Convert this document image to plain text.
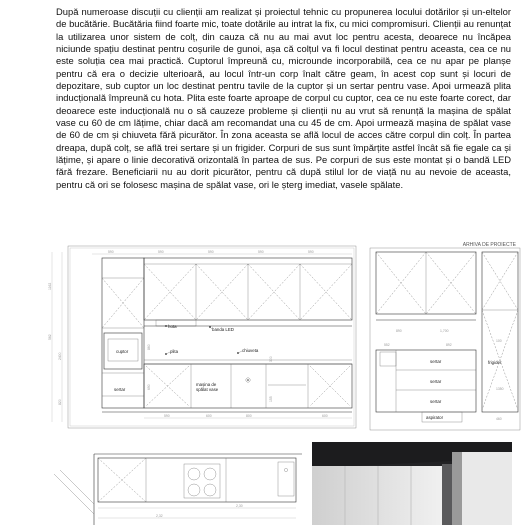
După numeroase discuții cu clienții am realizat și proiectul tehnic cu propunerea locului dotărilor și un-eltelor de bucătărie. Bucătăria fiind foarte mic, toate dotările au intrat la fix, cu mici compromisuri. Clienții au renunțat la utilizarea unor sistem de colț, din cauza că nu au mai avut loc pentru acesta, deoarece nu încăpea niciunde spațiu destinat pentru coșurile de gunoi, așa că colțul va fi locul destinat pentru aceasta, cea ce nu este soluția cea mai practică. Cuptorul împreună cu, microunde incorporabilă, cea ce nu apar pe planșe pentru că era o decizie ulterioară, au locul într-un corp înalt către geam, în acest cop sunt și locuri de depozitare, sub cuptor un loc destinat pentru tavile de la cuptor și un sertar pentru vase. Apoi urmează plita inducțională împreună cu hota. Plita este foarte aproape de corpul cu cuptor, cea ce nu este foarte corect, dar deoarece este inducțională nu o să cauzeze probleme și clienții nu au vrut să renunță la mașina de spălat vase cu 60 de cm lățime, chiar dacă am recomandat una cu 45 de cm. Apoi urmează mașina de spălat vase de 60 de cm și chiuveta fără picurător. În zona aceasta se află locul de acces către corpul din colț. În partea dreapa, după colț, se află trei sertare și un frigider. Corpuri de sus sunt împărțite astfel încât să fie egale ca și lățime, și apare o linie decorativă orizontală în partea de sus. Pe corpuri de sus este montat și o bandă LED fără frezare. Beneficiarii nu au dorit picurător, pentru că după stilul lor de viață nu au nevoie de aceasta, pentru că ori se folosesc mașina de spălat vase, ori le șterg imediat, vasele spălate.

1162
562
2400
820
590	590	590	590	590
cuptor
sertar
hota
banda LED
plita	chiuveta
mașina de
spălat vase
590	600	800	600
860
690
300
155
ARHIVA DE PROIECTE
frigider
sertar
sertar
sertar
aspirator
890	1,700
552	892
100
1350
460
2,30
2,32
